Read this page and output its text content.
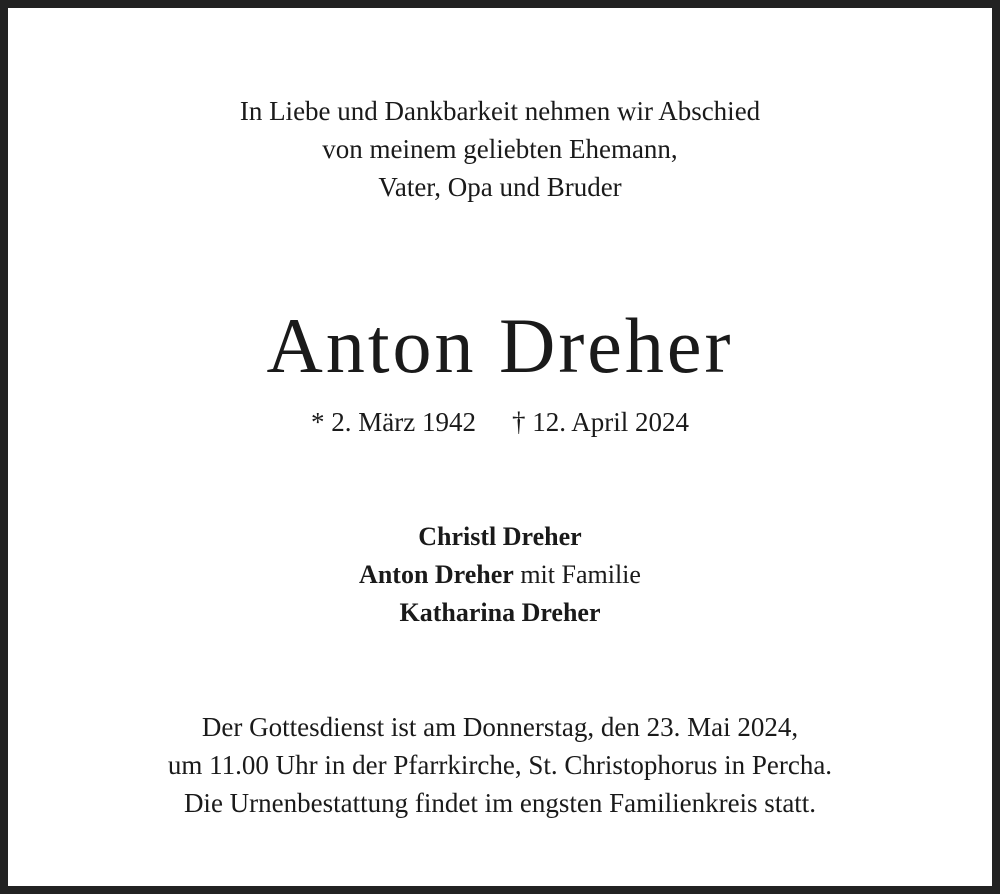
In Liebe und Dankbarkeit nehmen wir Abschied
von meinem geliebten Ehemann,
Vater, Opa und Bruder
Anton Dreher
* 2. März 1942 † 12. April 2024
Christl Dreher
Anton Dreher mit Familie
Katharina Dreher
Der Gottesdienst ist am Donnerstag, den 23. Mai 2024,
um 11.00 Uhr in der Pfarrkirche, St. Christophorus in Percha.
Die Urnenbestattung findet im engsten Familienkreis statt.
